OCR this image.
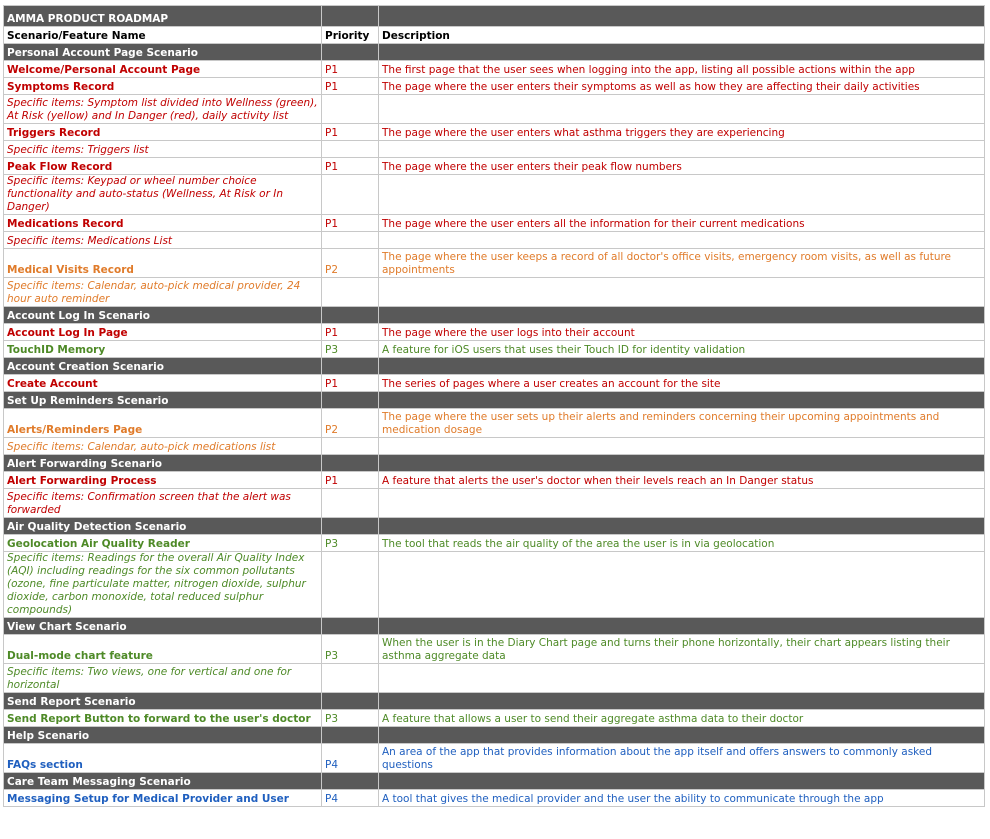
AMMA PRODUCT ROADMAP		
Scenario/Feature Name	Priority	Description
Personal Account Page Scenario		
Welcome/Personal Account Page	P1	The first page that the user sees when logging into the app, listing all possible actions within the app
Symptoms Record	P1	The page where the user enters their symptoms as well as how they are affecting their daily activities
Specific items: Symptom list divided into Wellness (green), At Risk (yellow) and In Danger (red), daily activity list		
Triggers Record	P1	The page where the user enters what asthma triggers they are experiencing
Specific items: Triggers list		
Peak Flow Record	P1	The page where the user enters their peak flow numbers
Specific items: Keypad or wheel number choice functionality and auto-status (Wellness, At Risk or In Danger)		
Medications Record	P1	The page where the user enters all the information for their current medications
Specific items: Medications List		
Medical Visits Record	P2	The page where the user keeps a record of all doctor's office visits, emergency room visits, as well as future appointments
Specific items: Calendar, auto-pick medical provider, 24 hour auto reminder		
Account Log In Scenario		
Account Log In Page	P1	The page where the user logs into their account
TouchID Memory	P3	A feature for iOS users that uses their Touch ID for identity validation
Account Creation Scenario		
Create Account	P1	The series of pages where a user creates an account for the site
Set Up Reminders Scenario		
Alerts/Reminders Page	P2	The page where the user sets up their alerts and reminders concerning their upcoming appointments and medication dosage
Specific items: Calendar, auto-pick medications list		
Alert Forwarding Scenario		
Alert Forwarding Process	P1	A feature that alerts the user's doctor when their levels reach an In Danger status
Specific items: Confirmation screen that the alert was forwarded		
Air Quality Detection Scenario		
Geolocation Air Quality Reader	P3	The tool that reads the air quality of the area the user is in via geolocation
Specific items: Readings for the overall Air Quality Index (AQI) including readings for the six common pollutants (ozone, fine particulate matter, nitrogen dioxide, sulphur dioxide, carbon monoxide, total reduced sulphur compounds)		
View Chart Scenario		
Dual-mode chart feature	P3	When the user is in the Diary Chart page and turns their phone horizontally, their chart appears listing their asthma aggregate data
Specific items: Two views, one for vertical and one for horizontal		
Send Report Scenario		
Send Report Button to forward to the user's doctor	P3	A feature that allows a user to send their aggregate asthma data to their doctor
Help Scenario		
FAQs section	P4	An area of the app that provides information about the app itself and offers answers to commonly asked questions
Care Team Messaging Scenario		
Messaging Setup for Medical Provider and User	P4	A tool that gives the medical provider and the user the ability to communicate through the app
